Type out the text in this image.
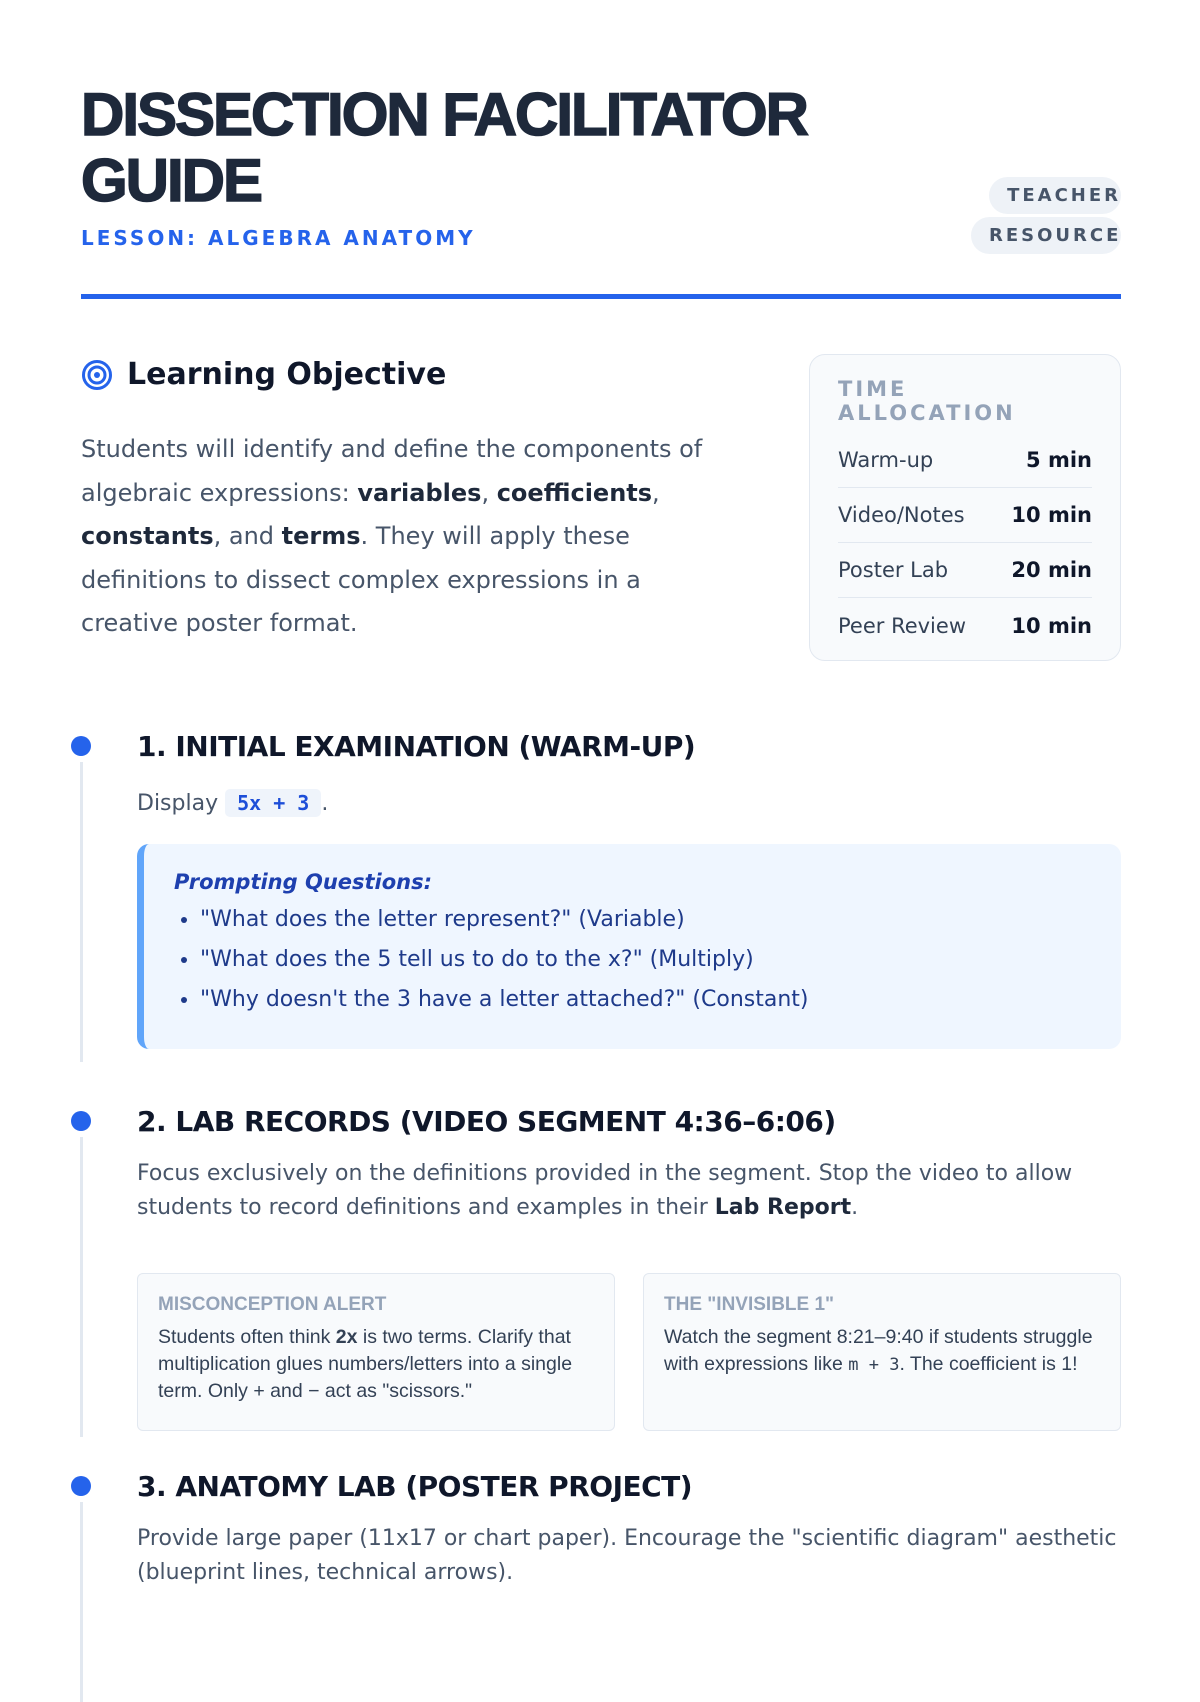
DISSECTION FACILITATOR GUIDE
LESSON: ALGEBRA ANATOMY
TEACHER
RESOURCE
Learning Objective
Students will identify and define the components of algebraic expressions: variables, coefficients, constants, and terms. They will apply these definitions to dissect complex expressions in a creative poster format.
TIME ALLOCATION
Warm-up	5 min
Video/Notes 10 min
Poster Lab	20 min
Peer Review 10 min
1. INITIAL EXAMINATION (WARM-UP)
Display 5x + 3 .
Prompting Questions:
• "What does the letter represent?" (Variable)
• "What does the 5 tell us to do to the x?" (Multiply)
• "Why doesn't the 3 have a letter attached?" (Constant)
2. LAB RECORDS (VIDEO SEGMENT 4:36–6:06)
Focus exclusively on the definitions provided in the segment. Stop the video to allow students to record definitions and examples in their Lab Report.
MISCONCEPTION ALERT

Students often think 2x is two terms. Clarify that multiplication glues numbers/letters into a single term. Only + and − act as "scissors."

THE "INVISIBLE 1"

Watch the segment 8:21–9:40 if students struggle with expressions like m + 3. The coefficient is 1!

3. ANATOMY LAB (POSTER PROJECT)
Provide large paper (11x17 or chart paper). Encourage the "scientific diagram" aesthetic (blueprint lines, technical arrows).
